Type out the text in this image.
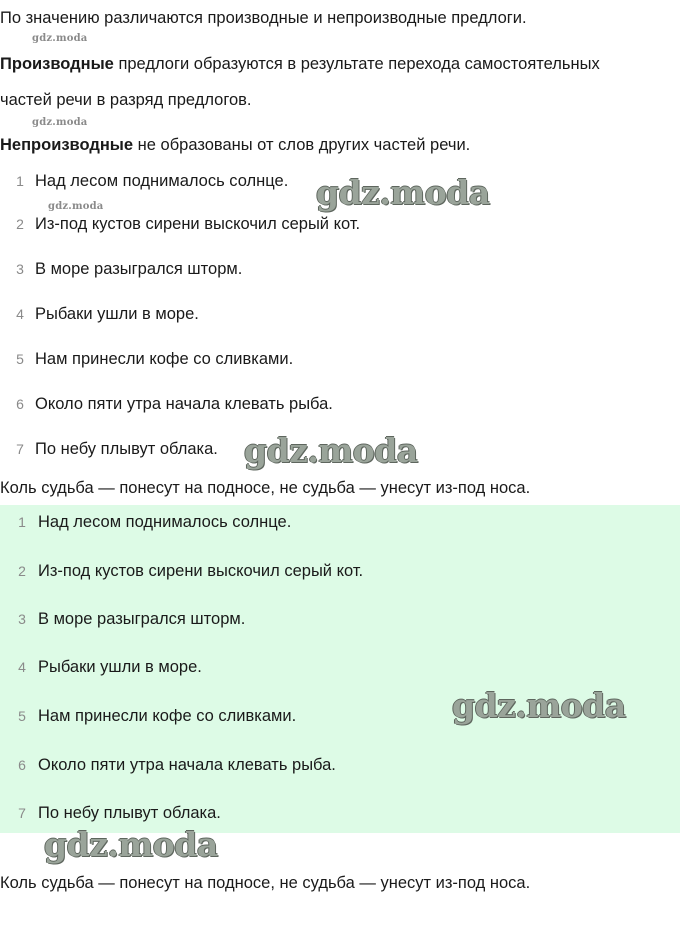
По значению различаются производные и непроизводные предлоги.
gdz.moda
Производные предлоги образуются в результате перехода самостоятельных
частей речи в разряд предлогов.
gdz.moda
Непроизводные не образованы от слов других частей речи.
1 Над лесом поднималось солнце.
gdz.moda
2 Из-под кустов сирени выскочил серый кот.
3 В море разыгрался шторм.
4 Рыбаки ушли в море.
5 Нам принесли кофе со сливками.
6 Около пяти утра начала клевать рыба.
7 По небу плывут облака.
gdz.moda
gdz.moda
Коль судьба — понесут на подносе, не судьба — унесут из-под носа.
1 Над лесом поднималось солнце.
2 Из-под кустов сирени выскочил серый кот.
3 В море разыгрался шторм.
4 Рыбаки ушли в море.
5 Нам принесли кофе со сливками.
6 Около пяти утра начала клевать рыба.
7 По небу плывут облака.
gdz.moda
gdz.moda
Коль судьба — понесут на подносе, не судьба — унесут из-под носа.
